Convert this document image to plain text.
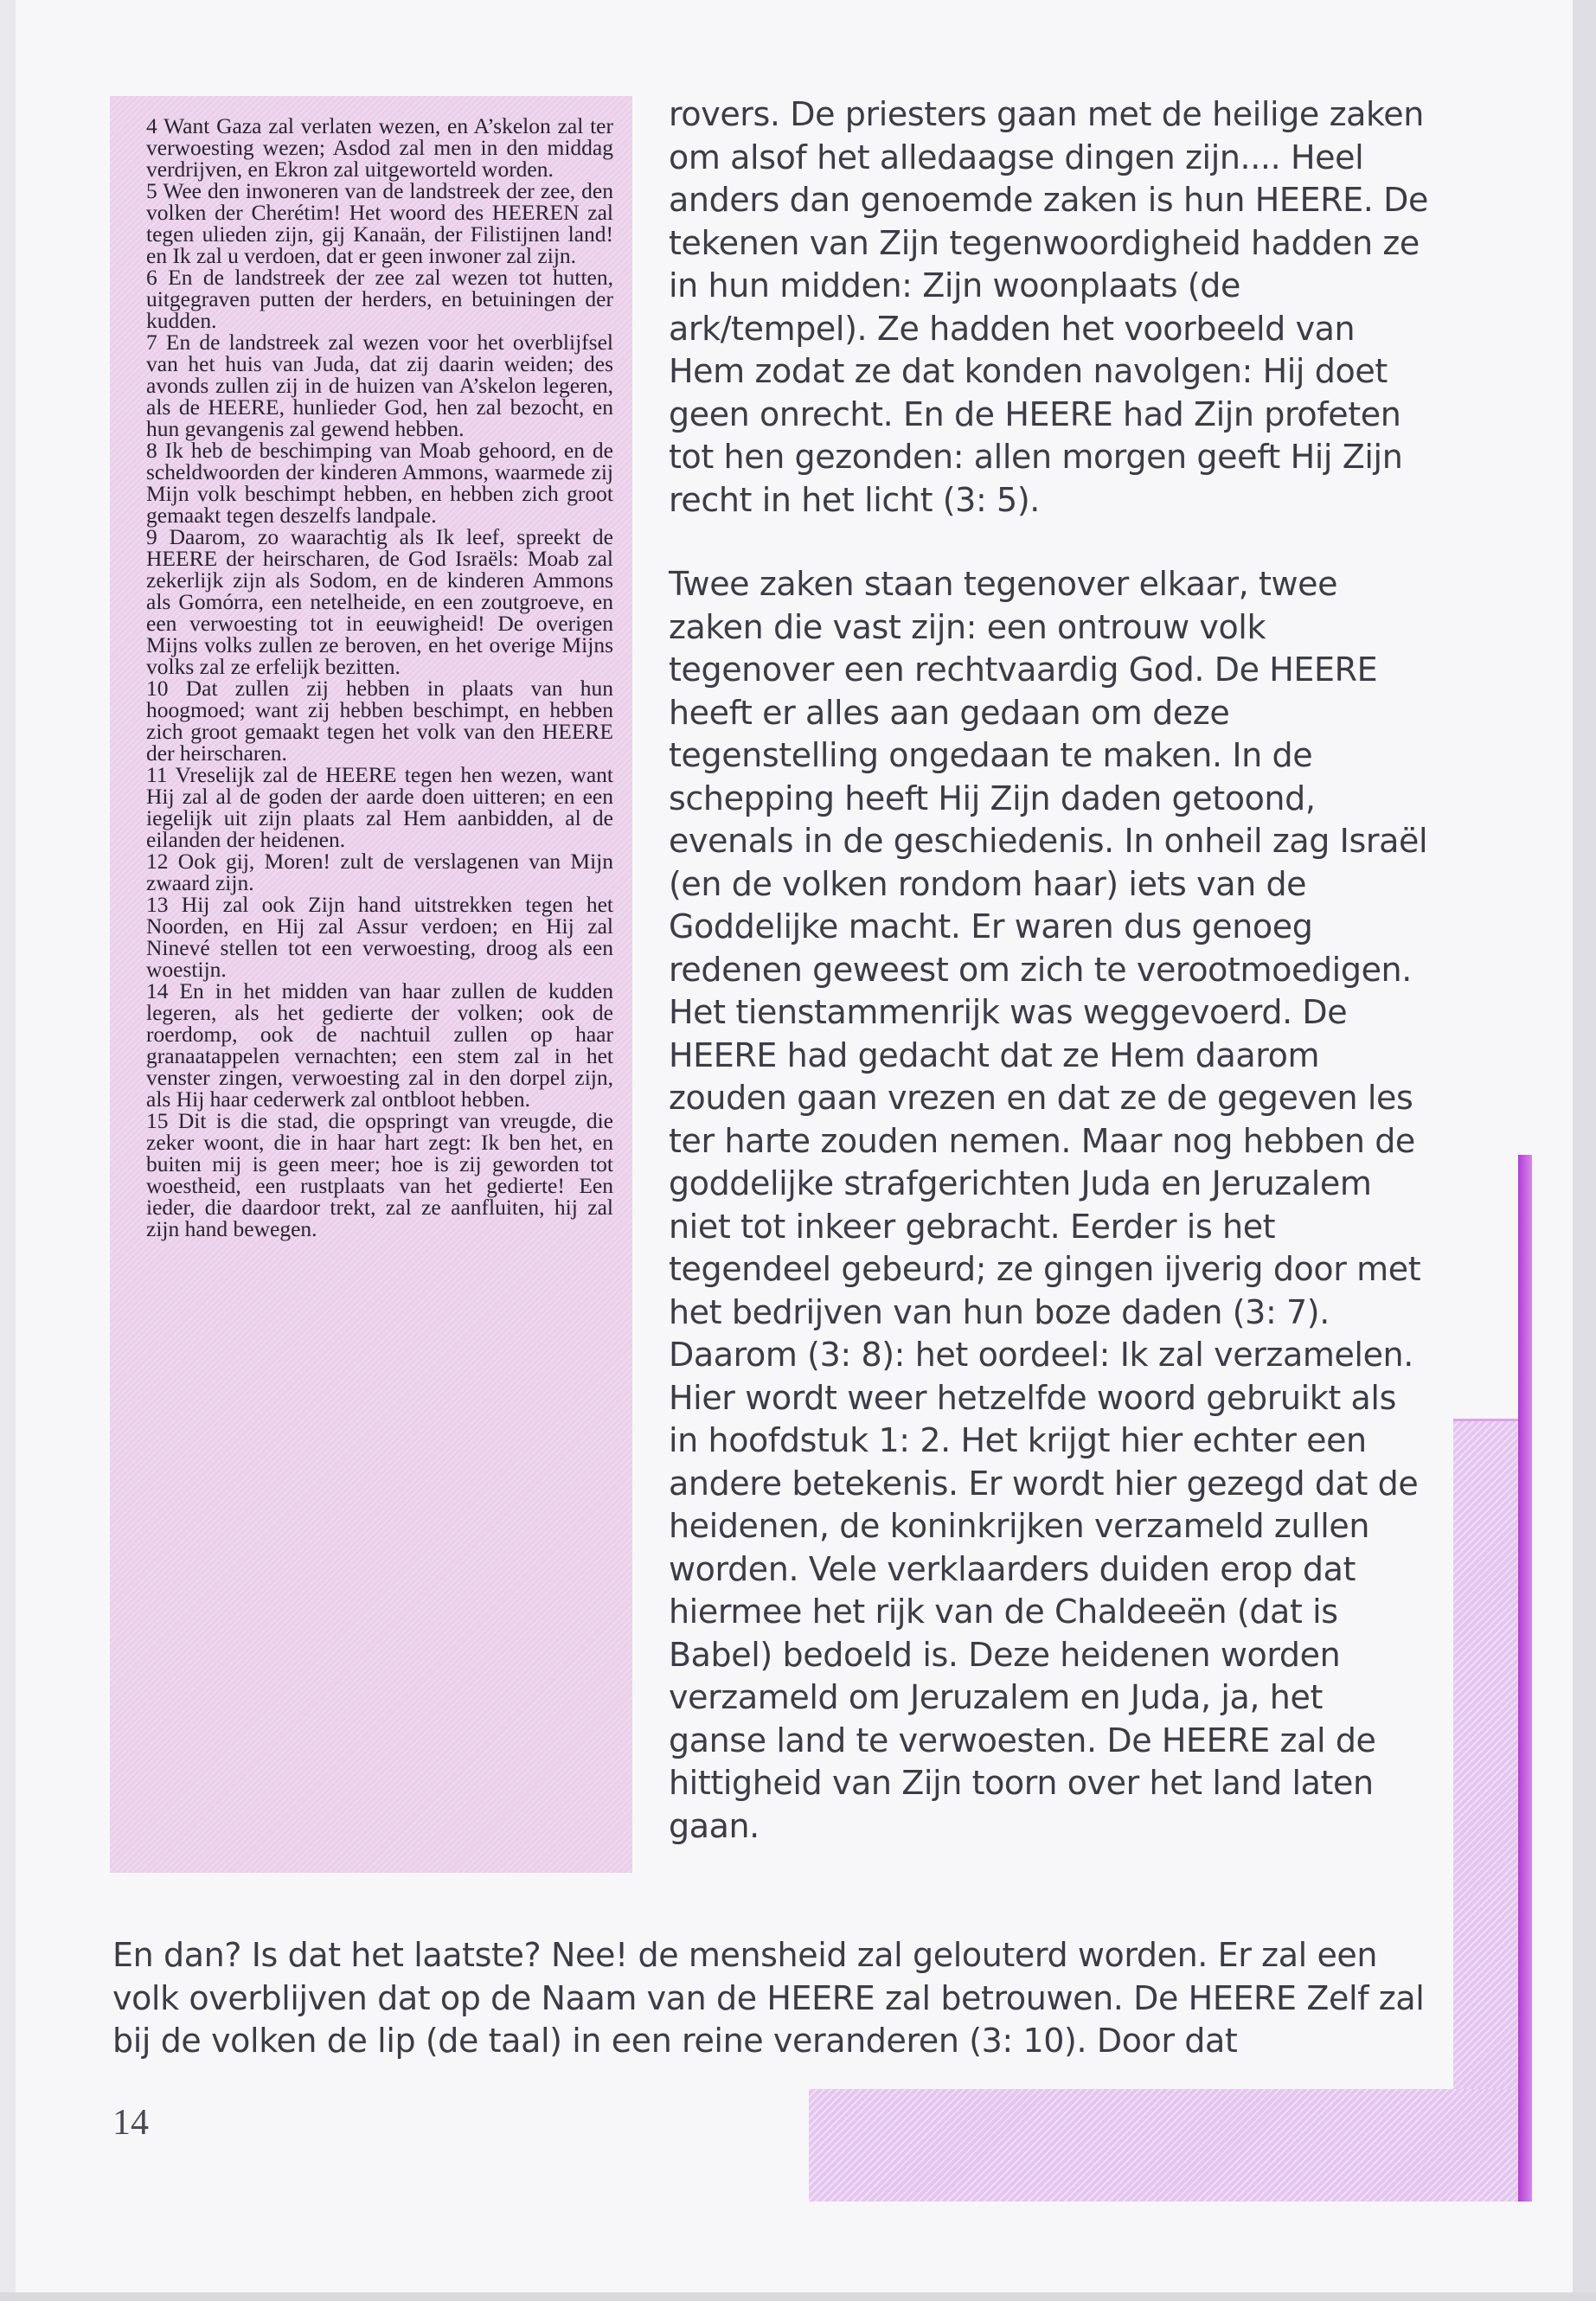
4 Want Gaza zal verlaten wezen, en A’skelon zal ter verwoesting wezen; Asdod zal men in den middag verdrijven, en Ekron zal uitgeworteld worden.

5 Wee den inwoneren van de landstreek der zee, den volken der Cherétim! Het woord des HEEREN zal tegen ulieden zijn, gij Kanaän, der Filistijnen land! en Ik zal u verdoen, dat er geen inwoner zal zijn.

6 En de landstreek der zee zal wezen tot hutten, uitgegraven putten der herders, en betuiningen der kudden.

7 En de landstreek zal wezen voor het overblijfsel van het huis van Juda, dat zij daarin weiden; des avonds zullen zij in de huizen van A’skelon legeren, als de HEERE, hunlieder God, hen zal bezocht, en hun gevangenis zal gewend hebben.

8 Ik heb de beschimping van Moab gehoord, en de scheldwoorden der kinderen Ammons, waarmede zij Mijn volk beschimpt hebben, en hebben zich groot gemaakt tegen deszelfs landpale.

9 Daarom, zo waarachtig als Ik leef, spreekt de HEERE der heirscharen, de God Israëls: Moab zal zekerlijk zijn als Sodom, en de kinderen Ammons als Gomórra, een netelheide, en een zoutgroeve, en een verwoesting tot in eeuwigheid! De overigen Mijns volks zullen ze beroven, en het overige Mijns volks zal ze erfelijk bezitten.

10 Dat zullen zij hebben in plaats van hun hoogmoed; want zij hebben beschimpt, en hebben zich groot gemaakt tegen het volk van den HEERE der heirscharen.

11 Vreselijk zal de HEERE tegen hen wezen, want Hij zal al de goden der aarde doen uitteren; en een iegelijk uit zijn plaats zal Hem aanbidden, al de eilanden der heidenen.

12 Ook gij, Moren! zult de verslagenen van Mijn zwaard zijn.

13 Hij zal ook Zijn hand uitstrekken tegen het Noorden, en Hij zal Assur verdoen; en Hij zal Ninevé stellen tot een verwoesting, droog als een woestijn.

14 En in het midden van haar zullen de kudden legeren, als het gedierte der volken; ook de roerdomp, ook de nachtuil zullen op haar granaatappelen vernachten; een stem zal in het venster zingen, verwoesting zal in den dorpel zijn, als Hij haar cederwerk zal ontbloot hebben.

15 Dit is die stad, die opspringt van vreugde, die zeker woont, die in haar hart zegt: Ik ben het, en buiten mij is geen meer; hoe is zij geworden tot woestheid, een rustplaats van het gedierte! Een ieder, die daardoor trekt, zal ze aanfluiten, hij zal zijn hand bewegen.

rovers. De priesters gaan met de heilige zaken om alsof het alledaagse dingen zijn.... Heel anders dan genoemde zaken is hun HEERE. De tekenen van Zijn tegenwoordigheid hadden ze in hun midden: Zijn woonplaats (de ark/tempel). Ze hadden het voorbeeld van Hem zodat ze dat konden navolgen: Hij doet geen onrecht. En de HEERE had Zijn profeten tot hen gezonden: allen morgen geeft Hij Zijn recht in het licht (3: 5).

Twee zaken staan tegenover elkaar, twee zaken die vast zijn: een ontrouw volk tegenover een rechtvaardig God. De HEERE heeft er alles aan gedaan om deze tegenstelling ongedaan te maken. In de schepping heeft Hij Zijn daden getoond, evenals in de geschiedenis. In onheil zag Israël (en de volken rondom haar) iets van de Goddelijke macht. Er waren dus genoeg redenen geweest om zich te verootmoedigen. Het tienstammenrijk was weggevoerd. De HEERE had gedacht dat ze Hem daarom zouden gaan vrezen en dat ze de gegeven les ter harte zouden nemen. Maar nog hebben de goddelijke strafgerichten Juda en Jeruzalem niet tot inkeer gebracht. Eerder is het tegendeel gebeurd; ze gingen ijverig door met het bedrijven van hun boze daden (3: 7). Daarom (3: 8): het oordeel: Ik zal verzamelen. Hier wordt weer hetzelfde woord gebruikt als in hoofdstuk 1: 2. Het krijgt hier echter een andere betekenis. Er wordt hier gezegd dat de heidenen, de koninkrijken verzameld zullen worden. Vele verklaarders duiden erop dat hiermee het rijk van de Chaldeeën (dat is Babel) bedoeld is. Deze heidenen worden verzameld om Jeruzalem en Juda, ja, het ganse land te verwoesten. De HEERE zal de hittigheid van Zijn toorn over het land laten gaan.

En dan? Is dat het laatste? Nee! de mensheid zal gelouterd worden. Er zal een volk overblijven dat op de Naam van de HEERE zal betrouwen. De HEERE Zelf zal bij de volken de lip (de taal) in een reine veranderen (3: 10). Door dat
14
